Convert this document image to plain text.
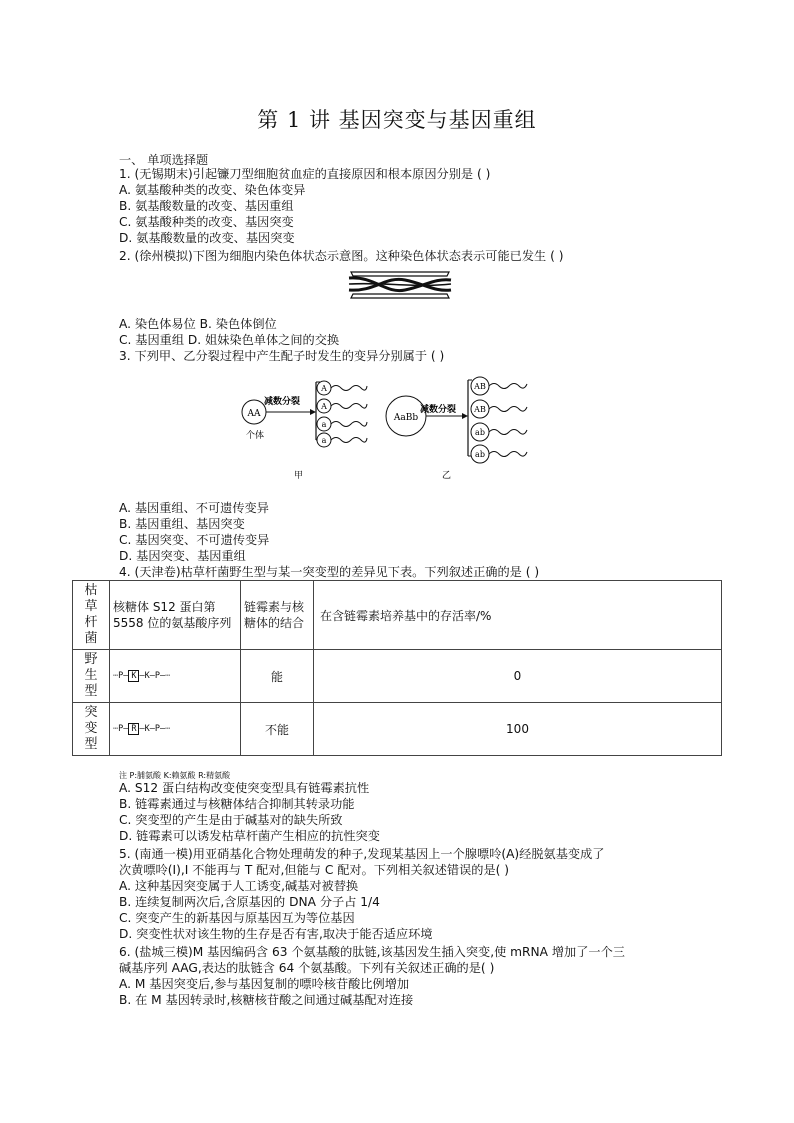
第 1 讲 基因突变与基因重组
一、 单项选择题
1. (无锡期末)引起镰刀型细胞贫血症的直接原因和根本原因分别是 ( )
A. 氨基酸种类的改变、染色体变异
B. 氨基酸数量的改变、基因重组
C. 氨基酸种类的改变、基因突变
D. 氨基酸数量的改变、基因突变
2. (徐州模拟)下图为细胞内染色体状态示意图。这种染色体状态表示可能已发生 ( )
A. 染色体易位 B. 染色体倒位
C. 基因重组 D. 姐妹染色单体之间的交换
3. 下列甲、乙分裂过程中产生配子时发生的变异分别属于 ( )
AA
个体
减数分裂
A
A
a
a
甲
AaBb
减数分裂
AB
AB
ab
ab
乙
A. 基因重组、不可遗传变异
B. 基因重组、基因突变
C. 基因突变、不可遗传变异
D. 基因突变、基因重组
4. (天津卷)枯草杆菌野生型与某一突变型的差异见下表。下列叙述正确的是 ( )
枯
草
杆
菌	核糖体 S12 蛋白第 5558 位的氨基酸序列	链霉素与核糖体的结合	在含链霉素培养基中的存活率/%
野
生
型	┄P— K —K—P—┄	能	0
突
变
型	┄P— R —K—P—┄	不能	100
注 P:脯氨酸 K:赖氨酸 R:精氨酸
A. S12 蛋白结构改变使突变型具有链霉素抗性
B. 链霉素通过与核糖体结合抑制其转录功能
C. 突变型的产生是由于碱基对的缺失所致
D. 链霉素可以诱发枯草杆菌产生相应的抗性突变
5. (南通一模)用亚硝基化合物处理萌发的种子,发现某基因上一个腺嘌呤(A)经脱氨基变成了
次黄嘌呤(I),I 不能再与 T 配对,但能与 C 配对。下列相关叙述错误的是( )
A. 这种基因突变属于人工诱变,碱基对被替换
B. 连续复制两次后,含原基因的 DNA 分子占 1/4
C. 突变产生的新基因与原基因互为等位基因
D. 突变性状对该生物的生存是否有害,取决于能否适应环境
6. (盐城三模)M 基因编码含 63 个氨基酸的肽链,该基因发生插入突变,使 mRNA 增加了一个三
碱基序列 AAG,表达的肽链含 64 个氨基酸。下列有关叙述正确的是( )
A. M 基因突变后,参与基因复制的嘌呤核苷酸比例增加
B. 在 M 基因转录时,核糖核苷酸之间通过碱基配对连接
